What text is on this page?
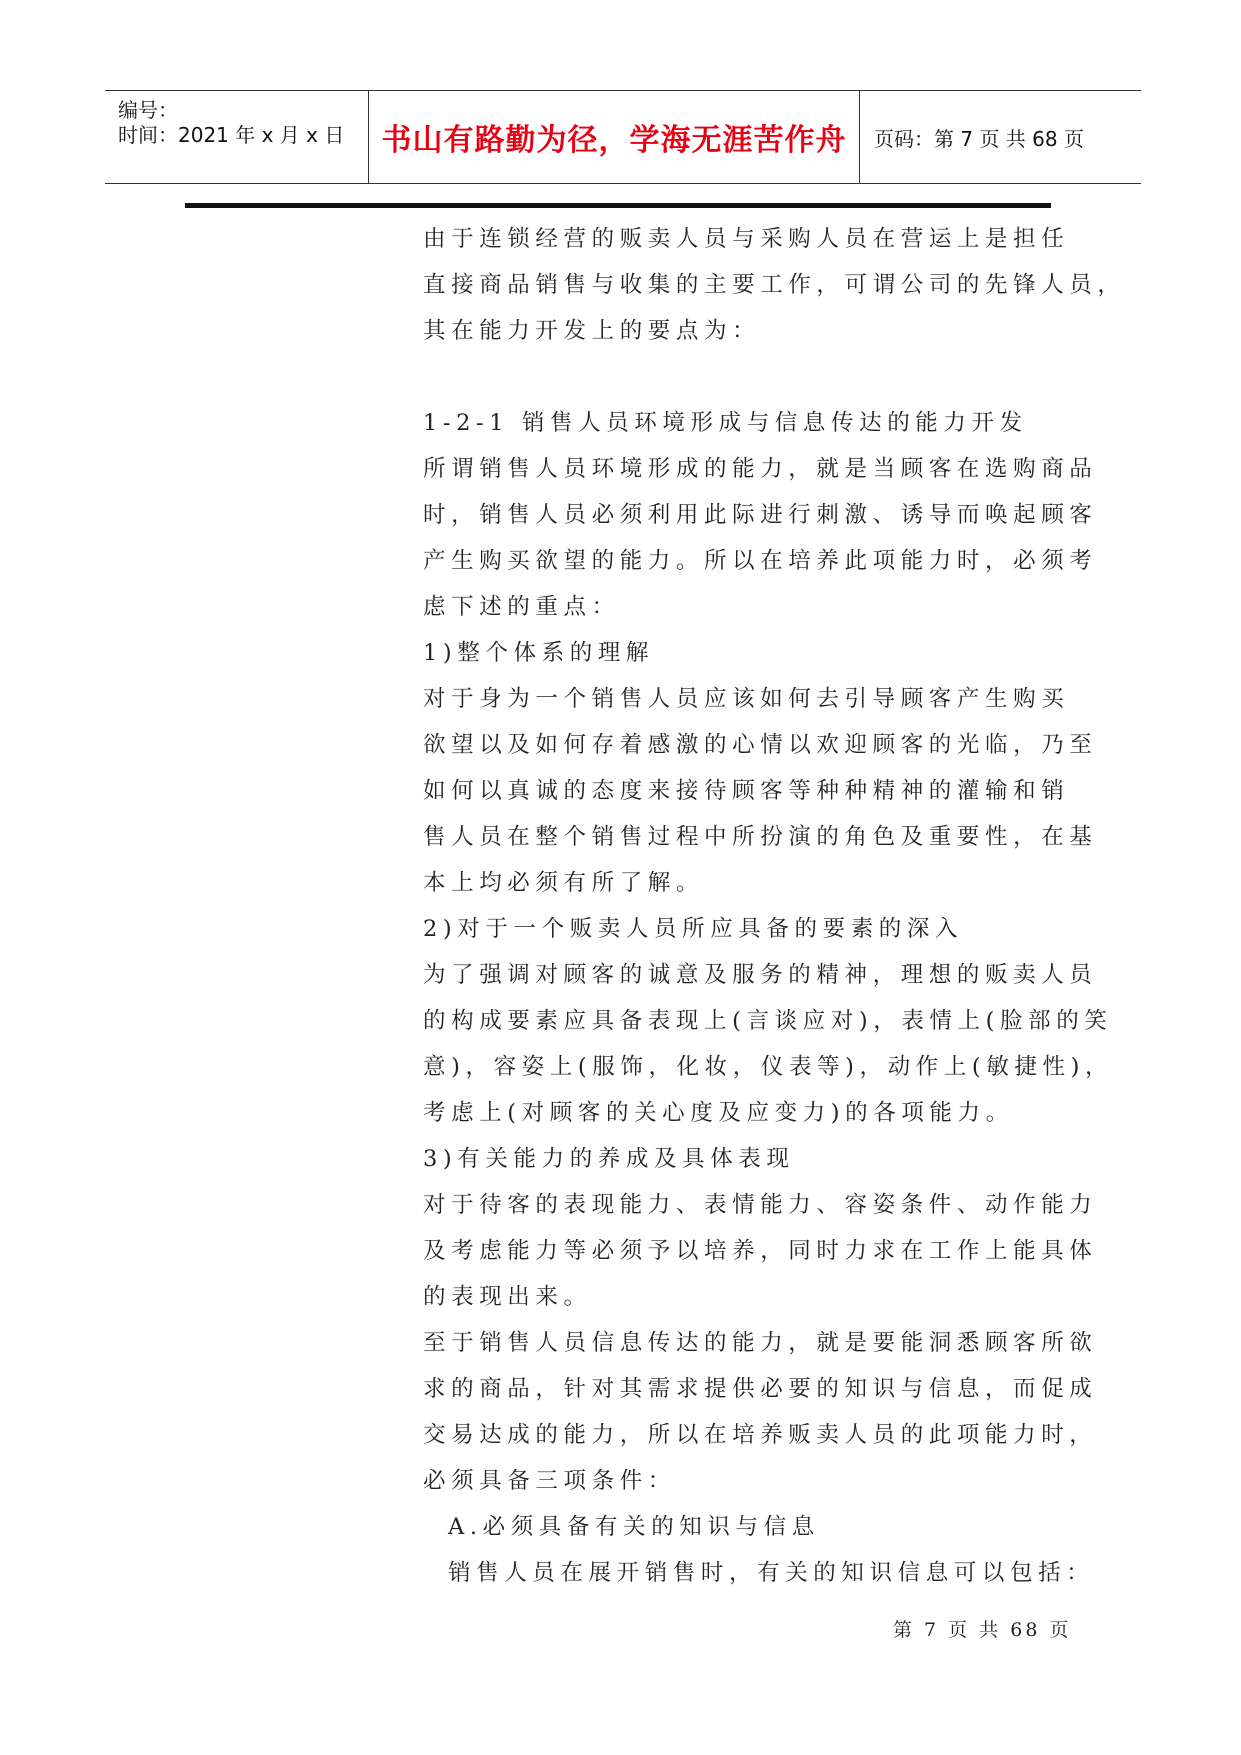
编号：
时间：2021 年 x 月 x 日	书山有路勤为径，学海无涯苦作舟	页码：第 7 页 共 68 页
由于连锁经营的贩卖人员与采购人员在营运上是担任
直接商品销售与收集的主要工作，可谓公司的先锋人员，
其在能力开发上的要点为：
1-2-1 销售人员环境形成与信息传达的能力开发
所谓销售人员环境形成的能力，就是当顾客在选购商品
时，销售人员必须利用此际进行刺激、诱导而唤起顾客
产生购买欲望的能力。所以在培养此项能力时，必须考
虑下述的重点：
1)整个体系的理解
对于身为一个销售人员应该如何去引导顾客产生购买
欲望以及如何存着感激的心情以欢迎顾客的光临，乃至
如何以真诚的态度来接待顾客等种种精神的灌输和销
售人员在整个销售过程中所扮演的角色及重要性，在基
本上均必须有所了解。
2)对于一个贩卖人员所应具备的要素的深入
为了强调对顾客的诚意及服务的精神，理想的贩卖人员
的构成要素应具备表现上(言谈应对)，表情上(脸部的笑
意)，容姿上(服饰，化妆，仪表等)，动作上(敏捷性)，
考虑上(对顾客的关心度及应变力)的各项能力。
3)有关能力的养成及具体表现
对于待客的表现能力、表情能力、容姿条件、动作能力
及考虑能力等必须予以培养，同时力求在工作上能具体
的表现出来。
至于销售人员信息传达的能力，就是要能洞悉顾客所欲
求的商品，针对其需求提供必要的知识与信息，而促成
交易达成的能力，所以在培养贩卖人员的此项能力时，
必须具备三项条件：
A.必须具备有关的知识与信息
销售人员在展开销售时，有关的知识信息可以包括：
第 7 页 共 68 页
